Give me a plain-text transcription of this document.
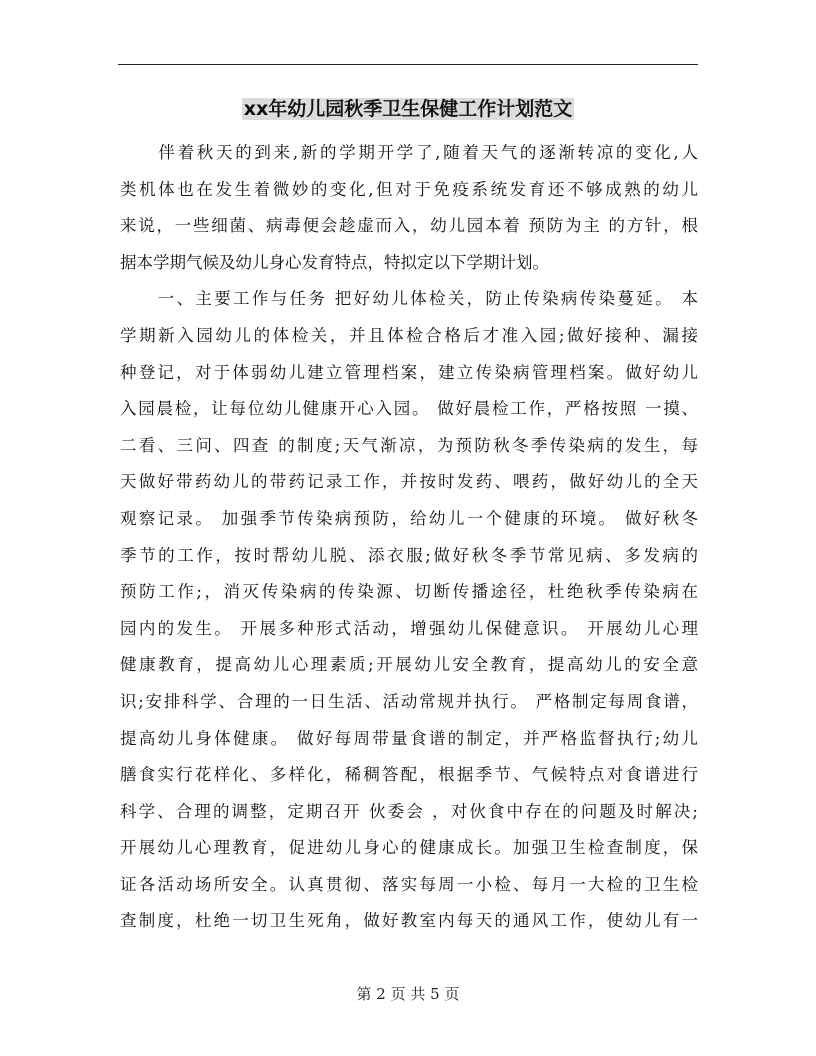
xx年幼儿园秋季卫生保健工作计划范文
　　伴着秋天的到来,新的学期开学了,随着天气的逐渐转凉的变化,人
类机体也在发生着微妙的变化,但对于免疫系统发育还不够成熟的幼儿
来说，一些细菌、病毒便会趁虚而入，幼儿园本着 预防为主 的方针，根
据本学期气候及幼儿身心发育特点，特拟定以下学期计划。
　　一、主要工作与任务 把好幼儿体检关，防止传染病传染蔓延。 本
学期新入园幼儿的体检关，并且体检合格后才准入园;做好接种、漏接
种登记，对于体弱幼儿建立管理档案，建立传染病管理档案。做好幼儿
入园晨检，让每位幼儿健康开心入园。 做好晨检工作，严格按照 一摸、
二看、三问、四查 的制度;天气渐凉，为预防秋冬季传染病的发生，每
天做好带药幼儿的带药记录工作，并按时发药、喂药，做好幼儿的全天
观察记录。 加强季节传染病预防，给幼儿一个健康的环境。 做好秋冬
季节的工作，按时帮幼儿脱、添衣服;做好秋冬季节常见病、多发病的
预防工作;，消灭传染病的传染源、切断传播途径，杜绝秋季传染病在
园内的发生。 开展多种形式活动，增强幼儿保健意识。 开展幼儿心理
健康教育，提高幼儿心理素质;开展幼儿安全教育，提高幼儿的安全意
识;安排科学、合理的一日生活、活动常规并执行。 严格制定每周食谱，
提高幼儿身体健康。 做好每周带量食谱的制定，并严格监督执行;幼儿
膳食实行花样化、多样化，稀稠答配，根据季节、气候特点对食谱进行
科学、合理的调整，定期召开 伙委会 ，对伙食中存在的问题及时解决;
开展幼儿心理教育，促进幼儿身心的健康成长。加强卫生检查制度，保
证各活动场所安全。认真贯彻、落实每周一小检、每月一大检的卫生检
查制度，杜绝一切卫生死角，做好教室内每天的通风工作，使幼儿有一
第 2 页 共 5 页
